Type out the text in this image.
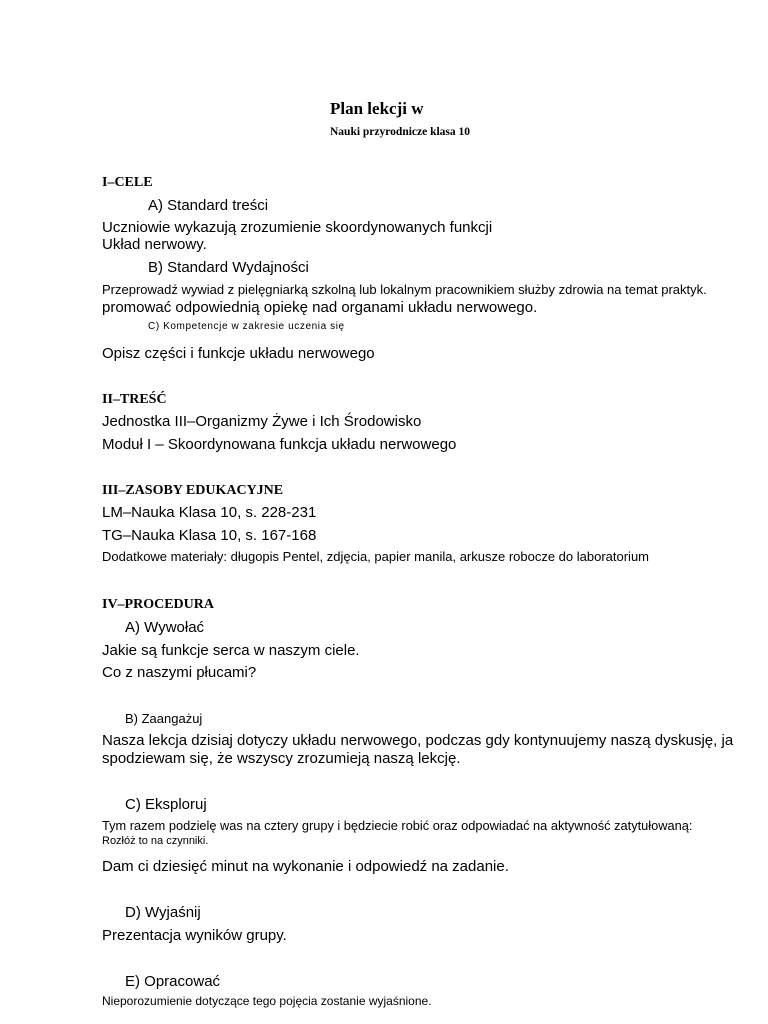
Plan lekcji w
Nauki przyrodnicze klasa 10
I–CELE
A) Standard treści
Uczniowie wykazują zrozumienie skoordynowanych funkcji
Układ nerwowy.
B) Standard Wydajności
Przeprowadź wywiad z pielęgniarką szkolną lub lokalnym pracownikiem służby zdrowia na temat praktyk.
promować odpowiednią opiekę nad organami układu nerwowego.
C) Kompetencje w zakresie uczenia się
Opisz części i funkcje układu nerwowego
II–TREŚĆ
Jednostka III–Organizmy Żywe i Ich Środowisko
Moduł I – Skoordynowana funkcja układu nerwowego
III–ZASOBY EDUKACYJNE
LM–Nauka Klasa 10, s. 228-231
TG–Nauka Klasa 10, s. 167-168
Dodatkowe materiały: długopis Pentel, zdjęcia, papier manila, arkusze robocze do laboratorium
IV–PROCEDURA
A) Wywołać
Jakie są funkcje serca w naszym ciele.
Co z naszymi płucami?
B) Zaangażuj
Nasza lekcja dzisiaj dotyczy układu nerwowego, podczas gdy kontynuujemy naszą dyskusję, ja
spodziewam się, że wszyscy zrozumieją naszą lekcję.
C) Eksploruj
Tym razem podzielę was na cztery grupy i będziecie robić oraz odpowiadać na aktywność zatytułowaną:
Rozłóż to na czynniki.
Dam ci dziesięć minut na wykonanie i odpowiedź na zadanie.
D) Wyjaśnij
Prezentacja wyników grupy.
E) Opracować
Nieporozumienie dotyczące tego pojęcia zostanie wyjaśnione.
